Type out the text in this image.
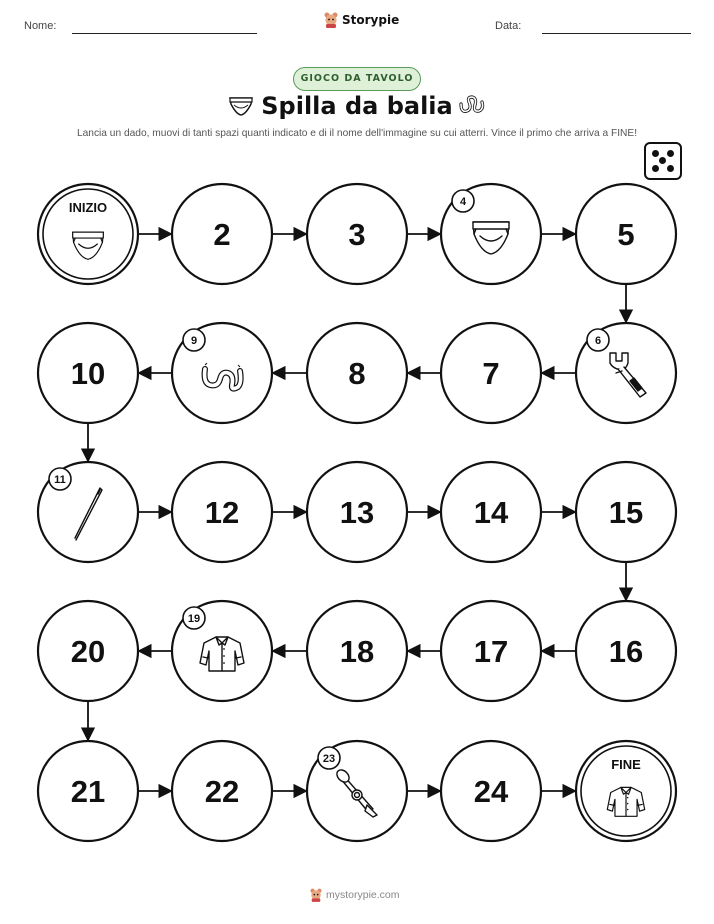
Nome:	Storypie	Data:
GIOCO DA TAVOLO
Spilla da balia
Lancia un dado, muovi di tanti spazi quanti indicato e di il nome dell'immagine su cui atterri. Vince il primo che arriva a FINE!
INIZIO
2	3
4
5
6
7
8
9
10
11
12	13	14	15
16
17
18
19
20
21	22
23
24
FINE
mystorypie.com
